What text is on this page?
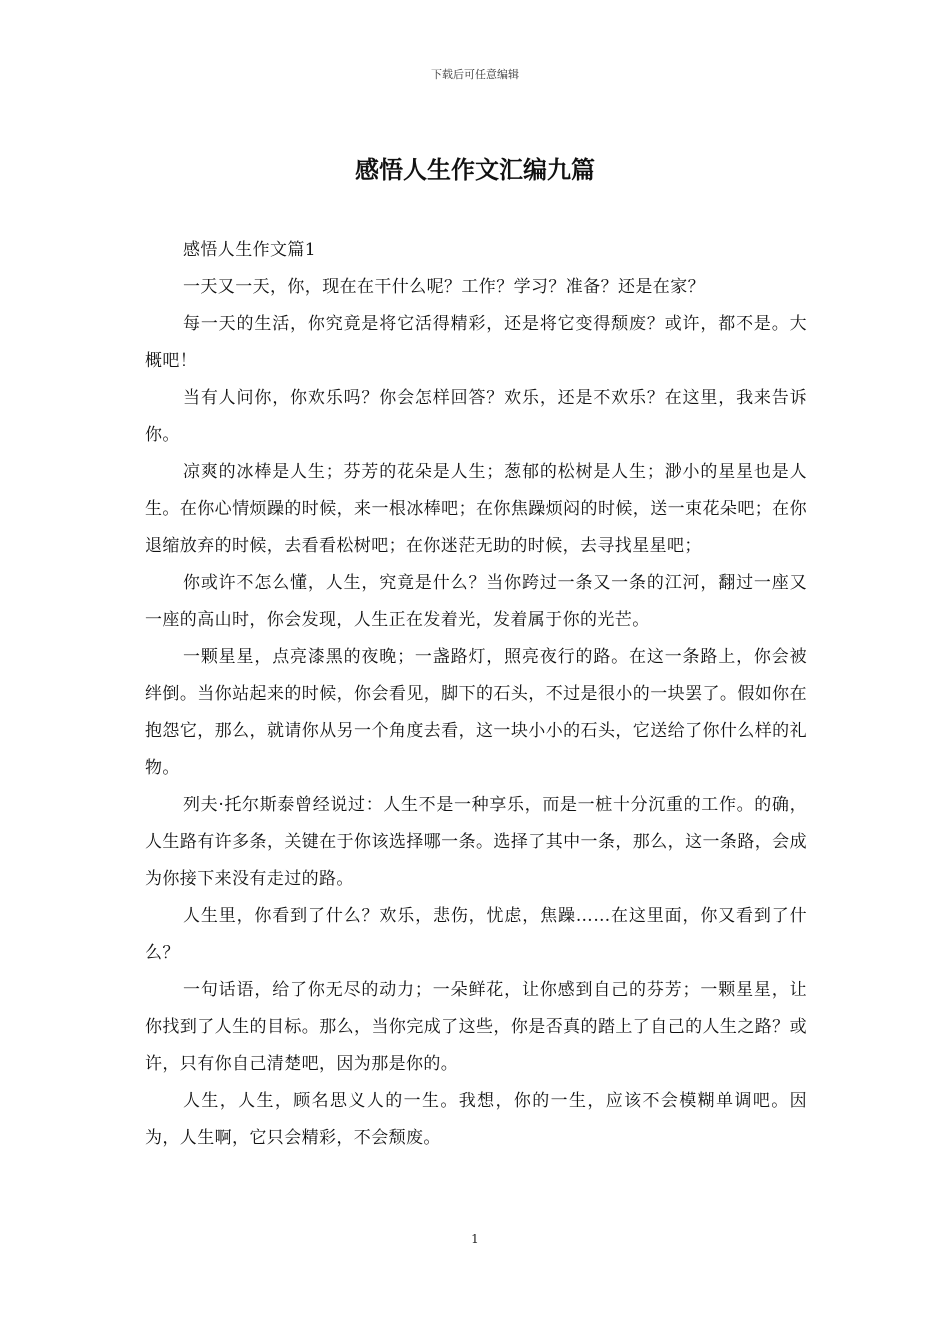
下载后可任意编辑
感悟人生作文汇编九篇

感悟人生作文篇1

一天又一天，你，现在在干什么呢？工作？学习？准备？还是在家？

每一天的生活，你究竟是将它活得精彩，还是将它变得颓废？或许，都不是。大概吧！

当有人问你，你欢乐吗？你会怎样回答？欢乐，还是不欢乐？在这里，我来告诉你。

凉爽的冰棒是人生；芬芳的花朵是人生；葱郁的松树是人生；渺小的星星也是人生。在你心情烦躁的时候，来一根冰棒吧；在你焦躁烦闷的时候，送一束花朵吧；在你退缩放弃的时候，去看看松树吧；在你迷茫无助的时候，去寻找星星吧；

你或许不怎么懂，人生，究竟是什么？当你跨过一条又一条的江河，翻过一座又一座的高山时，你会发现，人生正在发着光，发着属于你的光芒。

一颗星星，点亮漆黑的夜晚；一盏路灯，照亮夜行的路。在这一条路上，你会被绊倒。当你站起来的时候，你会看见，脚下的石头，不过是很小的一块罢了。假如你在抱怨它，那么，就请你从另一个角度去看，这一块小小的石头，它送给了你什么样的礼物。

列夫·托尔斯泰曾经说过：人生不是一种享乐，而是一桩十分沉重的工作。的确，人生路有许多条，关键在于你该选择哪一条。选择了其中一条，那么，这一条路，会成为你接下来没有走过的路。

人生里，你看到了什么？欢乐，悲伤，忧虑，焦躁……在这里面，你又看到了什么？

一句话语，给了你无尽的动力；一朵鲜花，让你感到自己的芬芳；一颗星星，让你找到了人生的目标。那么，当你完成了这些，你是否真的踏上了自己的人生之路？或许，只有你自己清楚吧，因为那是你的。

人生，人生，顾名思义人的一生。我想，你的一生，应该不会模糊单调吧。因为，人生啊，它只会精彩，不会颓废。

1
